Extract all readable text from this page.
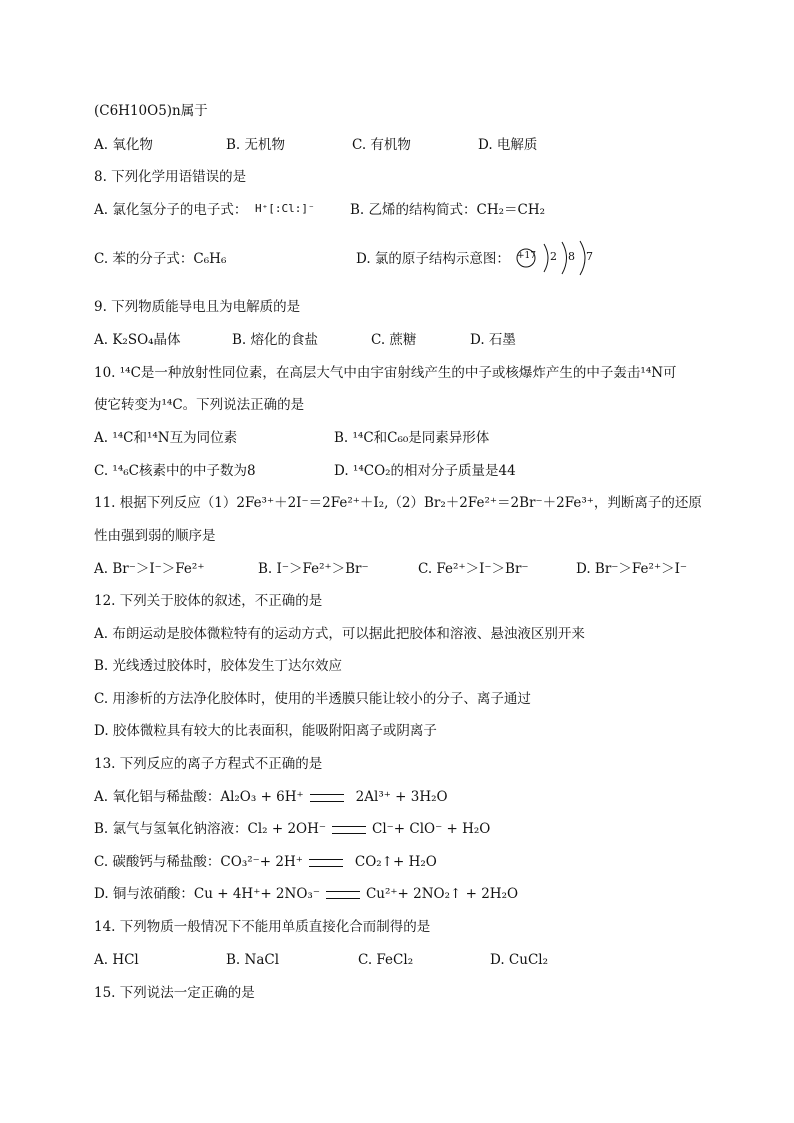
(C6H10O5)n属于
A. 氧化物	B. 无机物	C. 有机物	D. 电解质
8. 下列化学用语错误的是
A. 氯化氢分子的电子式： H⁺[:Cl:]⁻	B. 乙烯的结构简式：CH₂＝CH₂
C. 苯的分子式：C₆H₆	D. 氯的原子结构示意图： +17 2 8 7
9. 下列物质能导电且为电解质的是
A. K₂SO₄晶体	B. 熔化的食盐	C. 蔗糖	D. 石墨
10. ¹⁴C是一种放射性同位素，在高层大气中由宇宙射线产生的中子或核爆炸产生的中子轰击¹⁴N可
使它转变为¹⁴C。下列说法正确的是
A. ¹⁴C和¹⁴N互为同位素	B. ¹⁴C和C₆₀是同素异形体
C. ¹⁴₆C核素中的中子数为8	D. ¹⁴CO₂的相对分子质量是44
11. 根据下列反应（1）2Fe³⁺＋2I⁻＝2Fe²⁺＋I₂,（2）Br₂＋2Fe²⁺＝2Br⁻＋2Fe³⁺，判断离子的还原
性由强到弱的顺序是
A. Br⁻＞I⁻＞Fe²⁺	B. I⁻＞Fe²⁺＞Br⁻	C. Fe²⁺＞I⁻＞Br⁻	D. Br⁻＞Fe²⁺＞I⁻
12. 下列关于胶体的叙述，不正确的是
A. 布朗运动是胶体微粒特有的运动方式，可以据此把胶体和溶液、悬浊液区别开来
B. 光线透过胶体时，胶体发生丁达尔效应
C. 用渗析的方法净化胶体时，使用的半透膜只能让较小的分子、离子通过
D. 胶体微粒具有较大的比表面积，能吸附阳离子或阴离子
13. 下列反应的离子方程式不正确的是
A. 氧化铝与稀盐酸：Al₂O₃ + 6H⁺	2Al³⁺ + 3H₂O
B. 氯气与氢氧化钠溶液：Cl₂ + 2OH⁻	Cl⁻+ ClO⁻ + H₂O
C. 碳酸钙与稀盐酸：CO₃²⁻+ 2H⁺	CO₂↑+ H₂O
D. 铜与浓硝酸：Cu + 4H⁺+ 2NO₃⁻	Cu²⁺+ 2NO₂↑ + 2H₂O
14. 下列物质一般情况下不能用单质直接化合而制得的是
A. HCl	B. NaCl	C. FeCl₂	D. CuCl₂
15. 下列说法一定正确的是
